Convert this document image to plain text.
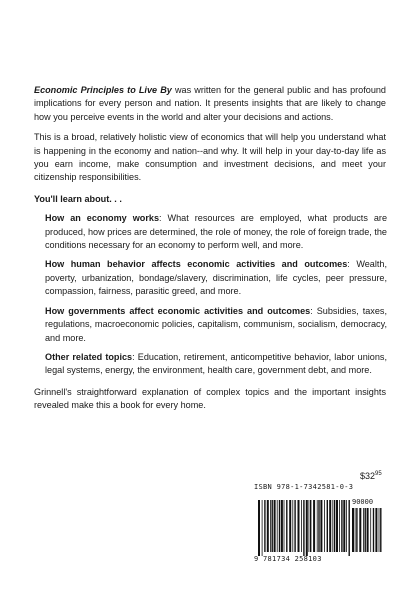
Economic Principles to Live By was written for the general public and has profound implications for every person and nation. It presents insights that are likely to change how you perceive events in the world and alter your decisions and actions.

This is a broad, relatively holistic view of economics that will help you understand what is happening in the economy and nation--and why. It will help in your day-to-day life as you earn income, make consumption and investment decisions, and meet your citizenship responsibilities.

You'll learn about. . .

How an economy works: What resources are employed, what products are produced, how prices are determined, the role of money, the role of foreign trade, the conditions necessary for an economy to perform well, and more.

How human behavior affects economic activities and outcomes: Wealth, poverty, urbanization, bondage/slavery, discrimination, life cycles, peer pressure, compassion, fairness, parasitic greed, and more.

How governments affect economic activities and outcomes: Subsidies, taxes, regulations, macroeconomic policies, capitalism, communism, socialism, democracy, and more.

Other related topics: Education, retirement, anticompetitive behavior, labor unions, legal systems, energy, the environment, health care, government debt, and more.

Grinnell's straightforward explanation of complex topics and the important insights revealed make this a book for every home.

$\$32^{95}$
ISBN 978-1-7342581-0-3
90000
9 781734 258103
